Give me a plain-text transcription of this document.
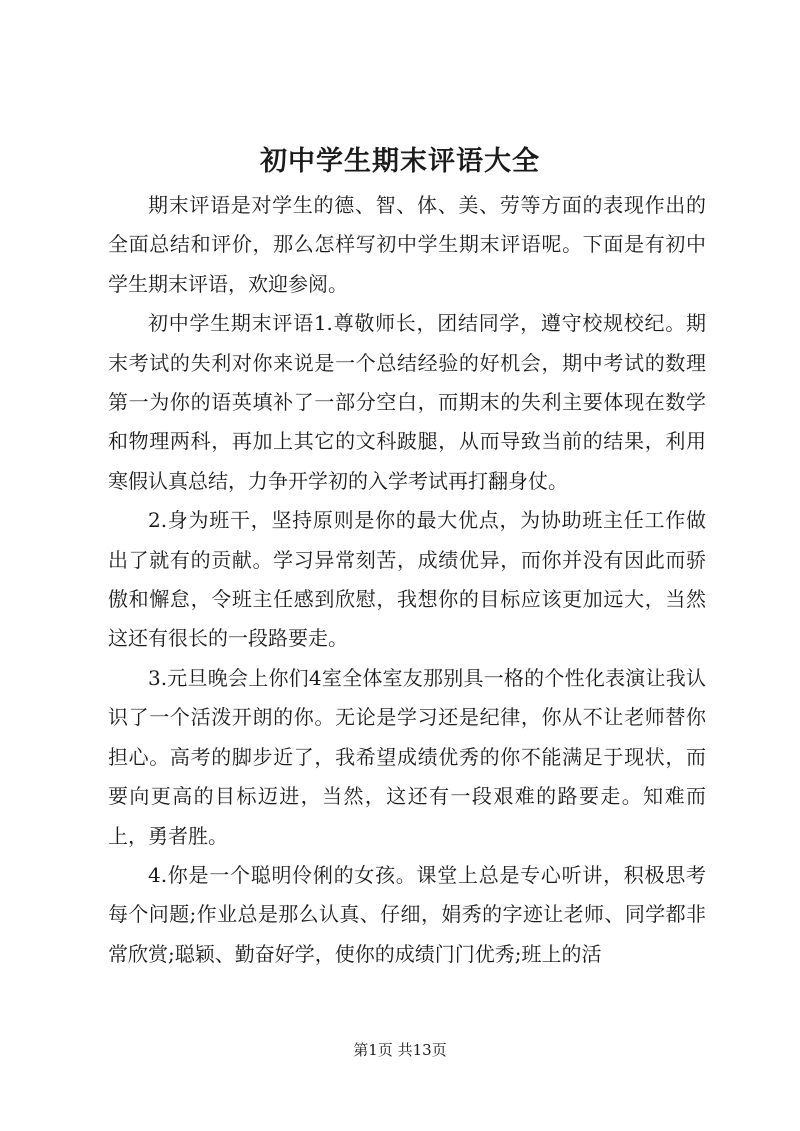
初中学生期末评语大全

期末评语是对学生的德、智、体、美、劳等方面的表现作出的全面总结和评价，那么怎样写初中学生期末评语呢。下面是有初中学生期末评语，欢迎参阅。

初中学生期末评语1.尊敬师长，团结同学，遵守校规校纪。期末考试的失利对你来说是一个总结经验的好机会，期中考试的数理第一为你的语英填补了一部分空白，而期末的失利主要体现在数学和物理两科，再加上其它的文科跛腿，从而导致当前的结果，利用寒假认真总结，力争开学初的入学考试再打翻身仗。

2.身为班干，坚持原则是你的最大优点，为协助班主任工作做出了就有的贡献。学习异常刻苦，成绩优异，而你并没有因此而骄傲和懈怠，令班主任感到欣慰，我想你的目标应该更加远大，当然这还有很长的一段路要走。

3.元旦晚会上你们4室全体室友那别具一格的个性化表演让我认识了一个活泼开朗的你。无论是学习还是纪律，你从不让老师替你担心。高考的脚步近了，我希望成绩优秀的你不能满足于现状，而要向更高的目标迈进，当然，这还有一段艰难的路要走。知难而上，勇者胜。

4.你是一个聪明伶俐的女孩。课堂上总是专心听讲，积极思考每个问题;作业总是那么认真、仔细，娟秀的字迹让老师、同学都非常欣赏;聪颖、勤奋好学，使你的成绩门门优秀;班上的活

第1页 共13页
